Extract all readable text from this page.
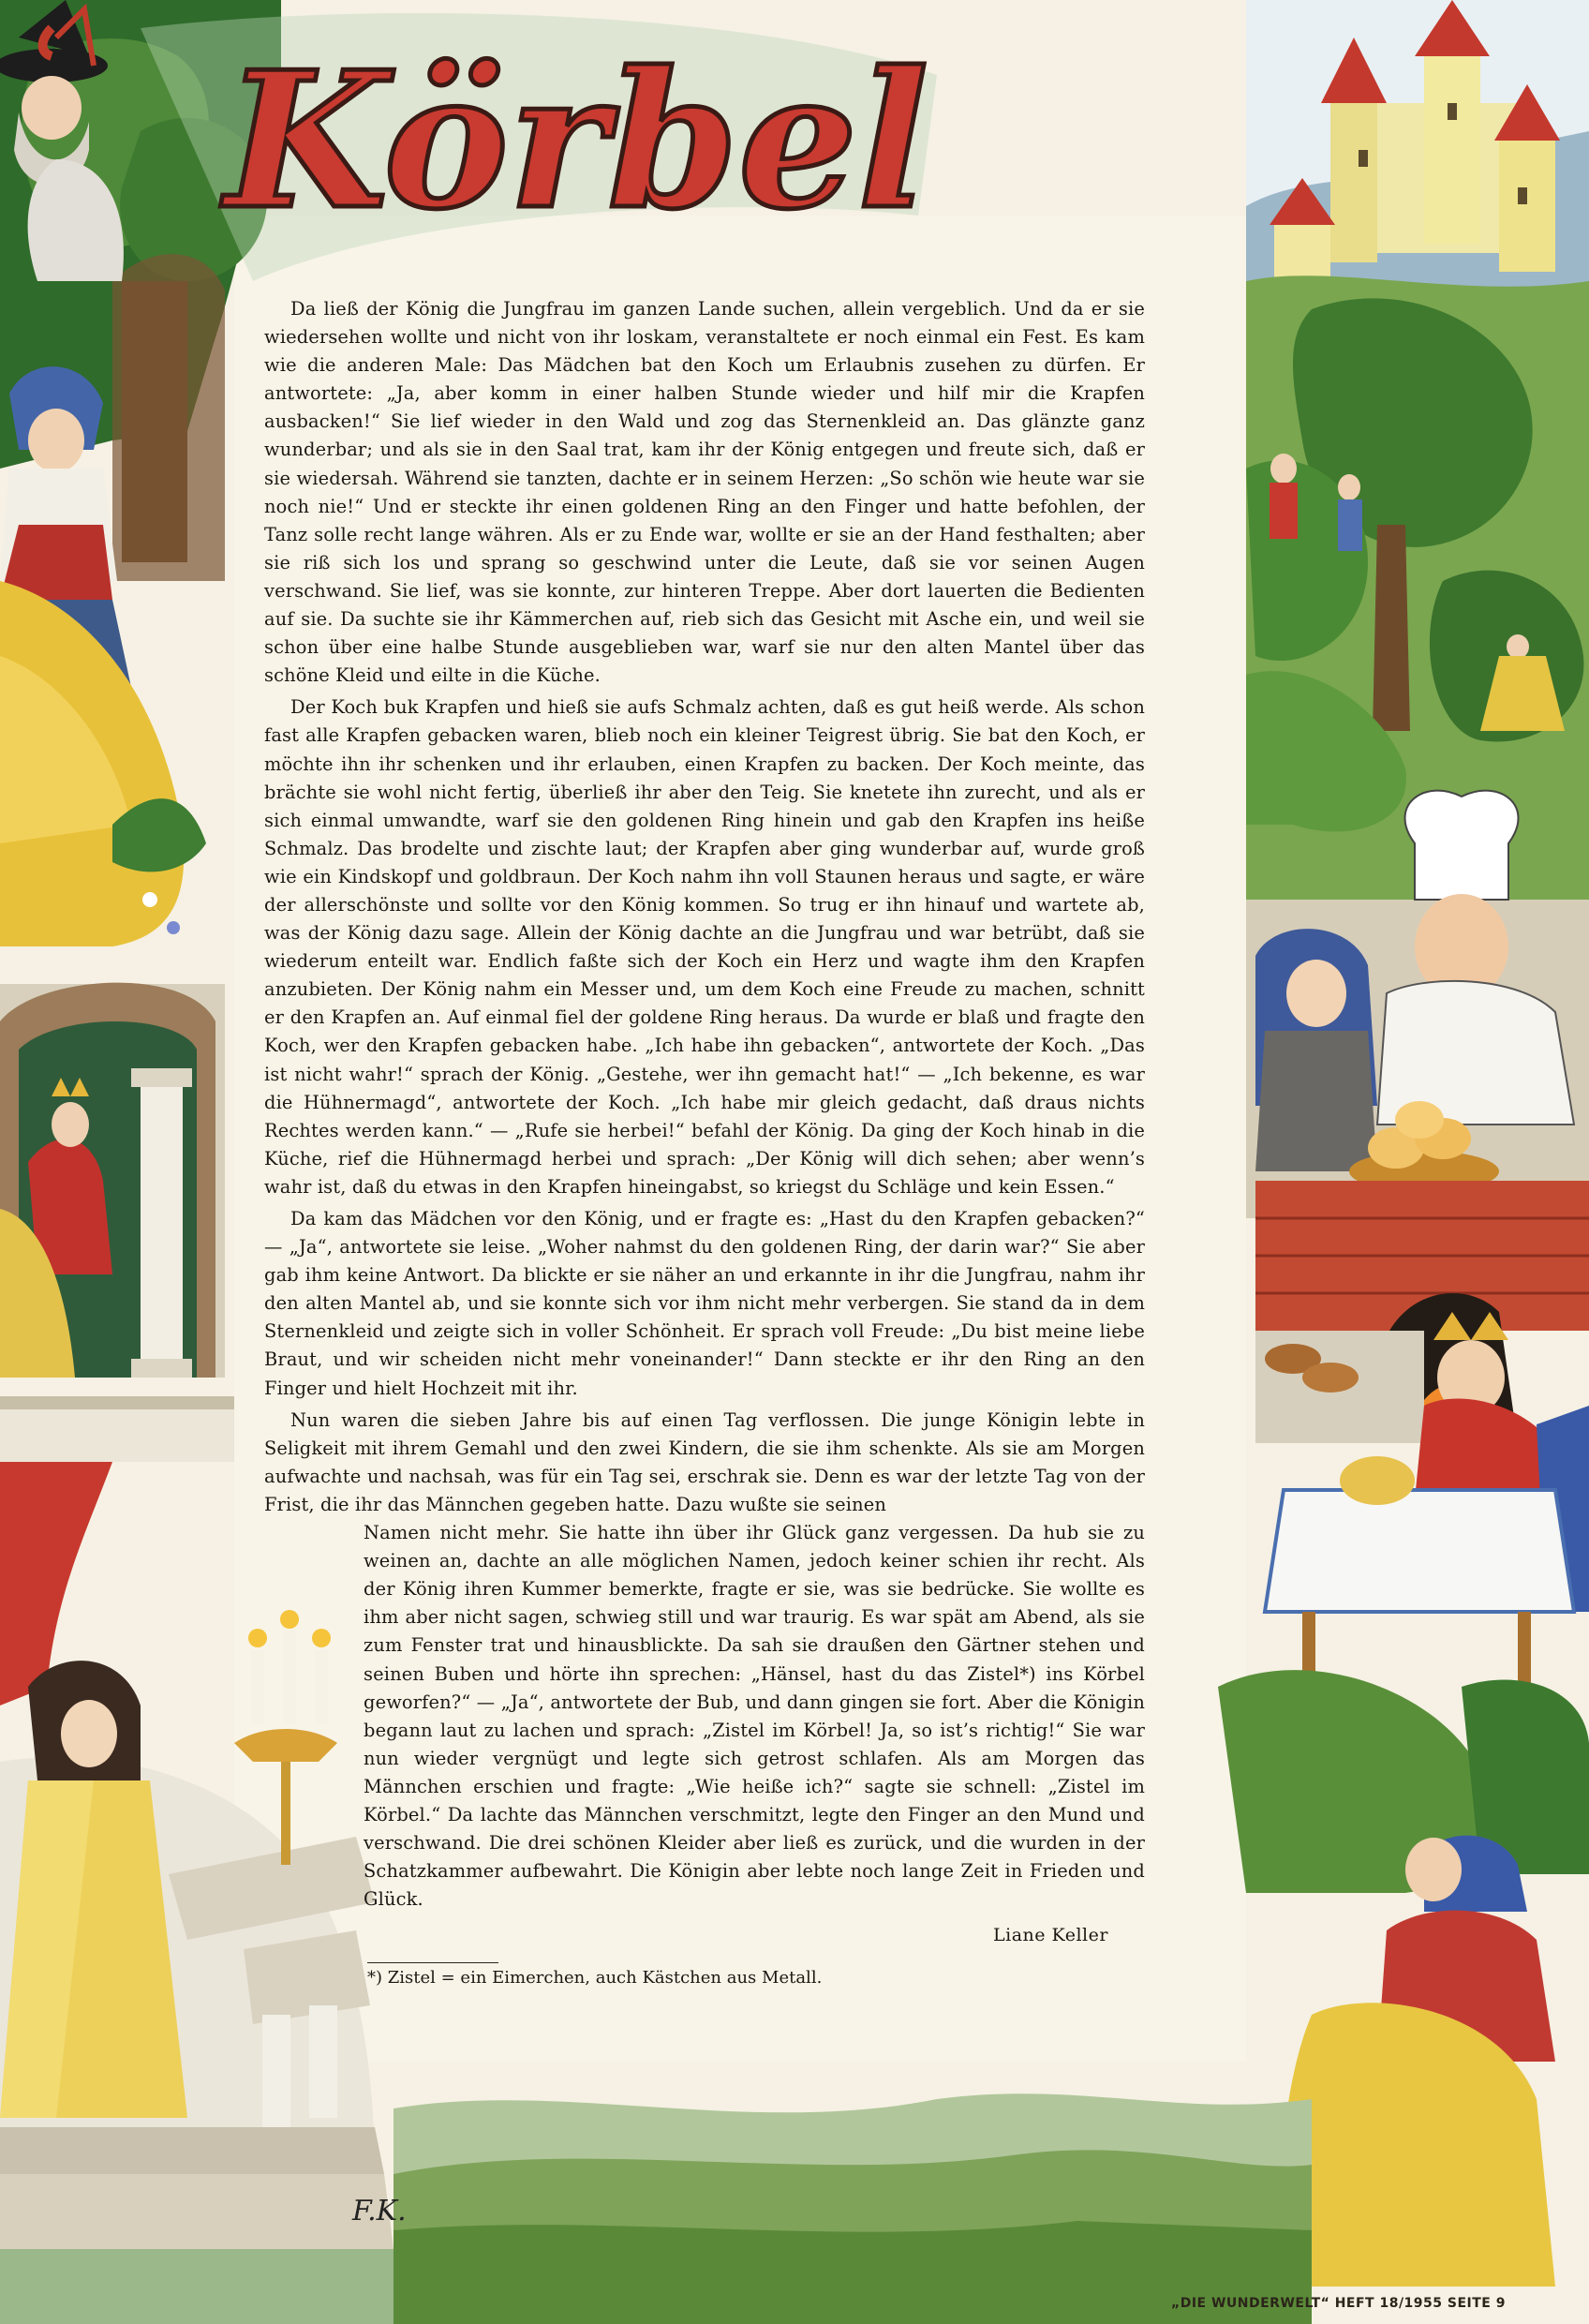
Körbel

Da ließ der König die Jungfrau im ganzen Lande suchen, allein vergeblich. Und da er sie wiedersehen wollte und nicht von ihr loskam, veranstaltete er noch einmal ein Fest. Es kam wie die anderen Male: Das Mädchen bat den Koch um Erlaubnis zusehen zu dürfen. Er antwortete: „Ja, aber komm in einer halben Stunde wieder und hilf mir die Krapfen ausbacken!“ Sie lief wieder in den Wald und zog das Sternenkleid an. Das glänzte ganz wunderbar; und als sie in den Saal trat, kam ihr der König entgegen und freute sich, daß er sie wiedersah. Während sie tanzten, dachte er in seinem Herzen: „So schön wie heute war sie noch nie!“ Und er steckte ihr einen goldenen Ring an den Finger und hatte befohlen, der Tanz solle recht lange währen. Als er zu Ende war, wollte er sie an der Hand festhalten; aber sie riß sich los und sprang so geschwind unter die Leute, daß sie vor seinen Augen verschwand. Sie lief, was sie konnte, zur hinteren Treppe. Aber dort lauerten die Bedienten auf sie. Da suchte sie ihr Kämmerchen auf, rieb sich das Gesicht mit Asche ein, und weil sie schon über eine halbe Stunde ausgeblieben war, warf sie nur den alten Mantel über das schöne Kleid und eilte in die Küche.

Der Koch buk Krapfen und hieß sie aufs Schmalz achten, daß es gut heiß werde. Als schon fast alle Krapfen gebacken waren, blieb noch ein kleiner Teigrest übrig. Sie bat den Koch, er möchte ihn ihr schenken und ihr erlauben, einen Krapfen zu backen. Der Koch meinte, das brächte sie wohl nicht fertig, überließ ihr aber den Teig. Sie knetete ihn zurecht, und als er sich einmal umwandte, warf sie den goldenen Ring hinein und gab den Krapfen ins heiße Schmalz. Das brodelte und zischte laut; der Krapfen aber ging wunderbar auf, wurde groß wie ein Kindskopf und goldbraun. Der Koch nahm ihn voll Staunen heraus und sagte, er wäre der allerschönste und sollte vor den König kommen. So trug er ihn hinauf und wartete ab, was der König dazu sage. Allein der König dachte an die Jungfrau und war betrübt, daß sie wiederum enteilt war. Endlich faßte sich der Koch ein Herz und wagte ihm den Krapfen anzubieten. Der König nahm ein Messer und, um dem Koch eine Freude zu machen, schnitt er den Krapfen an. Auf einmal fiel der goldene Ring heraus. Da wurde er blaß und fragte den Koch, wer den Krapfen gebacken habe. „Ich habe ihn gebacken“, antwortete der Koch. „Das ist nicht wahr!“ sprach der König. „Gestehe, wer ihn gemacht hat!“ — „Ich bekenne, es war die Hühnermagd“, antwortete der Koch. „Ich habe mir gleich gedacht, daß draus nichts Rechtes werden kann.“ — „Rufe sie herbei!“ befahl der König. Da ging der Koch hinab in die Küche, rief die Hühnermagd herbei und sprach: „Der König will dich sehen; aber wenn’s wahr ist, daß du etwas in den Krapfen hineingabst, so kriegst du Schläge und kein Essen.“

Da kam das Mädchen vor den König, und er fragte es: „Hast du den Krapfen gebacken?“ — „Ja“, antwortete sie leise. „Woher nahmst du den goldenen Ring, der darin war?“ Sie aber gab ihm keine Antwort. Da blickte er sie näher an und erkannte in ihr die Jungfrau, nahm ihr den alten Mantel ab, und sie konnte sich vor ihm nicht mehr verbergen. Sie stand da in dem Sternenkleid und zeigte sich in voller Schönheit. Er sprach voll Freude: „Du bist meine liebe Braut, und wir scheiden nicht mehr voneinander!“ Dann steckte er ihr den Ring an den Finger und hielt Hochzeit mit ihr.

Nun waren die sieben Jahre bis auf einen Tag verflossen. Die junge Königin lebte in Seligkeit mit ihrem Gemahl und den zwei Kindern, die sie ihm schenkte. Als sie am Morgen aufwachte und nachsah, was für ein Tag sei, erschrak sie. Denn es war der letzte Tag von der Frist, die ihr das Männchen gegeben hatte. Dazu wußte sie seinen

Namen nicht mehr. Sie hatte ihn über ihr Glück ganz vergessen. Da hub sie zu weinen an, dachte an alle möglichen Namen, jedoch keiner schien ihr recht. Als der König ihren Kummer bemerkte, fragte er sie, was sie bedrücke. Sie wollte es ihm aber nicht sagen, schwieg still und war traurig. Es war spät am Abend, als sie zum Fenster trat und hinausblickte. Da sah sie draußen den Gärtner stehen und seinen Buben und hörte ihn sprechen: „Hänsel, hast du das Zistel*) ins Körbel geworfen?“ — „Ja“, antwortete der Bub, und dann gingen sie fort. Aber die Königin begann laut zu lachen und sprach: „Zistel im Körbel! Ja, so ist’s richtig!“ Sie war nun wieder vergnügt und legte sich getrost schlafen. Als am Morgen das Männchen erschien und fragte: „Wie heiße ich?“ sagte sie schnell: „Zistel im Körbel.“ Da lachte das Männchen verschmitzt, legte den Finger an den Mund und verschwand. Die drei schönen Kleider aber ließ es zurück, und die wurden in der Schatzkammer aufbewahrt. Die Königin aber lebte noch lange Zeit in Frieden und Glück.

Liane Keller
*) Zistel = ein Eimerchen, auch Kästchen aus Metall.
F.K.
„DIE WUNDERWELT“ HEFT 18/1955 SEITE 9
